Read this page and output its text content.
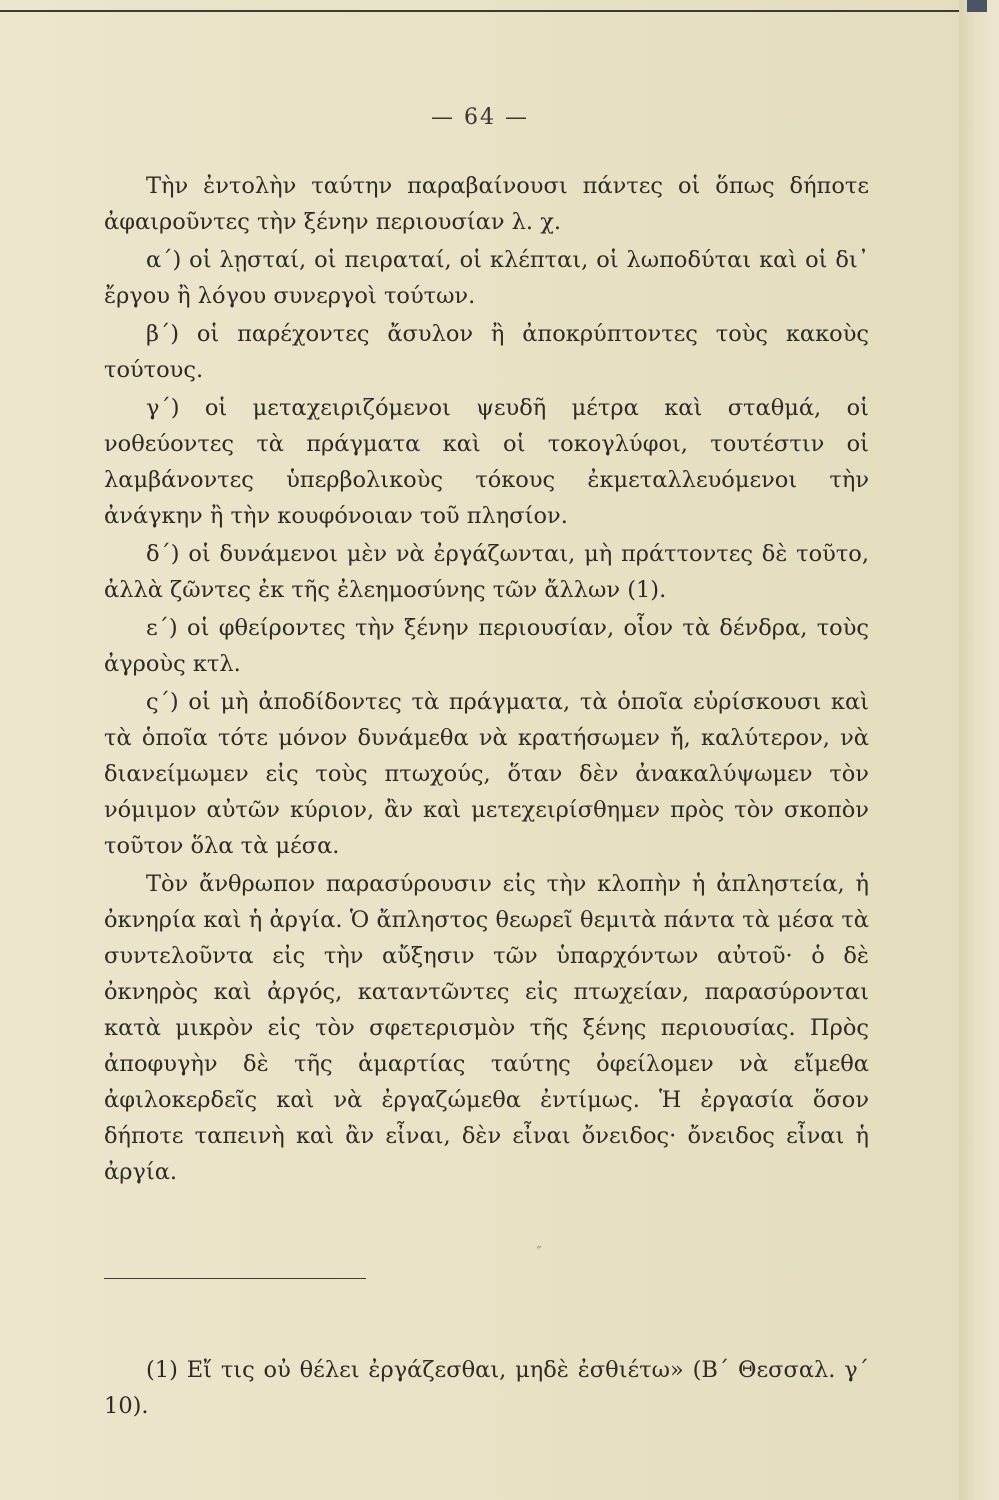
— 64 —

Τὴν ἐντολὴν ταύτην παραβαίνουσι πάντες οἱ ὅπως δήποτε ἀφαιροῦντες τὴν ξένην περιουσίαν λ. χ.

α΄) οἱ λῃσταί, οἱ πειραταί, οἱ κλέπται, οἱ λωποδύται καὶ οἱ δι᾽ ἔργου ἢ λόγου συνεργοὶ τούτων.

β΄) οἱ παρέχοντες ἄσυλον ἢ ἀποκρύπτοντες τοὺς κακοὺς τούτους.

γ΄) οἱ μεταχειριζόμενοι ψευδῆ μέτρα καὶ σταθμά, οἱ νοθεύοντες τὰ πράγματα καὶ οἱ τοκογλύφοι, τουτέστιν οἱ λαμβάνοντες ὑπερβολικοὺς τόκους ἐκμεταλλευόμενοι τὴν ἀνάγκην ἢ τὴν κουφόνοιαν τοῦ πλησίον.

δ΄) οἱ δυνάμενοι μὲν νὰ ἐργάζωνται, μὴ πράττοντες δὲ τοῦτο, ἀλλὰ ζῶντες ἐκ τῆς ἐλεημοσύνης τῶν ἄλλων (1).

ε΄) οἱ φθείροντες τὴν ξένην περιουσίαν, οἷον τὰ δένδρα, τοὺς ἀγροὺς κτλ.

ς΄) οἱ μὴ ἀποδίδοντες τὰ πράγματα, τὰ ὁποῖα εὑρίσκουσι καὶ τὰ ὁποῖα τότε μόνον δυνάμεθα νὰ κρατήσωμεν ἤ, καλύτερον, νὰ διανείμωμεν εἰς τοὺς πτωχούς, ὅταν δὲν ἀνακαλύψωμεν τὸν νόμιμον αὐτῶν κύριον, ἂν καὶ μετεχειρίσθημεν πρὸς τὸν σκοπὸν τοῦτον ὅλα τὰ μέσα.

Τὸν ἄνθρωπον παρασύρουσιν εἰς τὴν κλοπὴν ἡ ἀπληστεία, ἡ ὀκνηρία καὶ ἡ ἀργία. Ὁ ἄπληστος θεωρεῖ θεμιτὰ πάντα τὰ μέσα τὰ συντελοῦντα εἰς τὴν αὔξησιν τῶν ὑπαρχόντων αὐτοῦ· ὁ δὲ ὀκνηρὸς καὶ ἀργός, καταντῶντες εἰς πτωχείαν, παρασύρονται κατὰ μικρὸν εἰς τὸν σφετερισμὸν τῆς ξένης περιουσίας. Πρὸς ἀποφυγὴν δὲ τῆς ἁμαρτίας ταύτης ὀφείλομεν νὰ εἴμεθα ἀφιλοκερδεῖς καὶ νὰ ἐργαζώμεθα ἐντίμως. Ἡ ἐργασία ὅσον δήποτε ταπεινὴ καὶ ἂν εἶναι, δὲν εἶναι ὄνειδος· ὄνειδος εἶναι ἡ ἀργία.

˝
(1) Εἴ τις οὐ θέλει ἐργάζεσθαι, μηδὲ ἐσθιέτω» (Β΄ Θεσσαλ. γ΄ 10).
